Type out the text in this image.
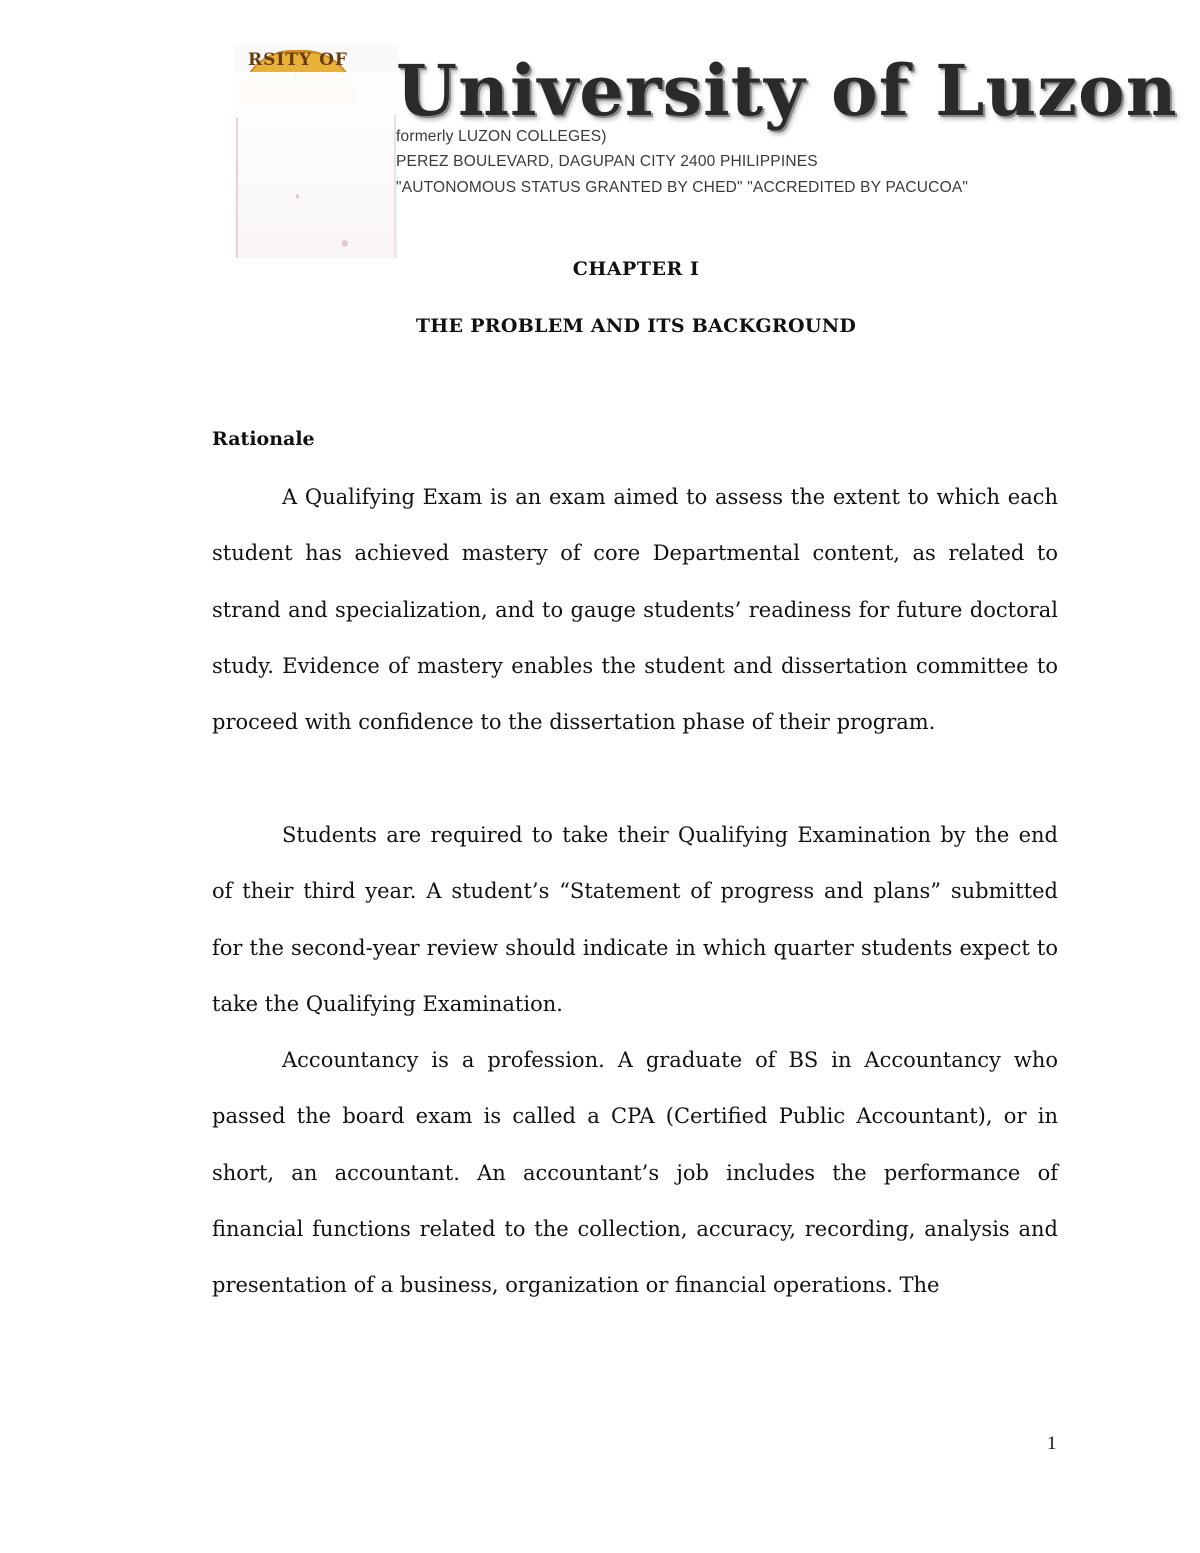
RSITY OF University of Luzon
formerly LUZON COLLEGES)
PEREZ BOULEVARD, DAGUPAN CITY 2400 PHILIPPINES
"AUTONOMOUS STATUS GRANTED BY CHED" "ACCREDITED BY PACUCOA"
CHAPTER I
THE PROBLEM AND ITS BACKGROUND
Rationale

A Qualifying Exam is an exam aimed to assess the extent to which each student has achieved mastery of core Departmental content, as related to strand and specialization, and to gauge students’ readiness for future doctoral study. Evidence of mastery enables the student and dissertation committee to proceed with confidence to the dissertation phase of their program.

Students are required to take their Qualifying Examination by the end of their third year. A student’s “Statement of progress and plans” submitted for the second-year review should indicate in which quarter students expect to take the Qualifying Examination.

Accountancy is a profession. A graduate of BS in Accountancy who passed the board exam is called a CPA (Certified Public Accountant), or in short, an accountant. An accountant’s job includes the performance of financial functions related to the collection, accuracy, recording, analysis and presentation of a business, organization or financial operations. The

1
